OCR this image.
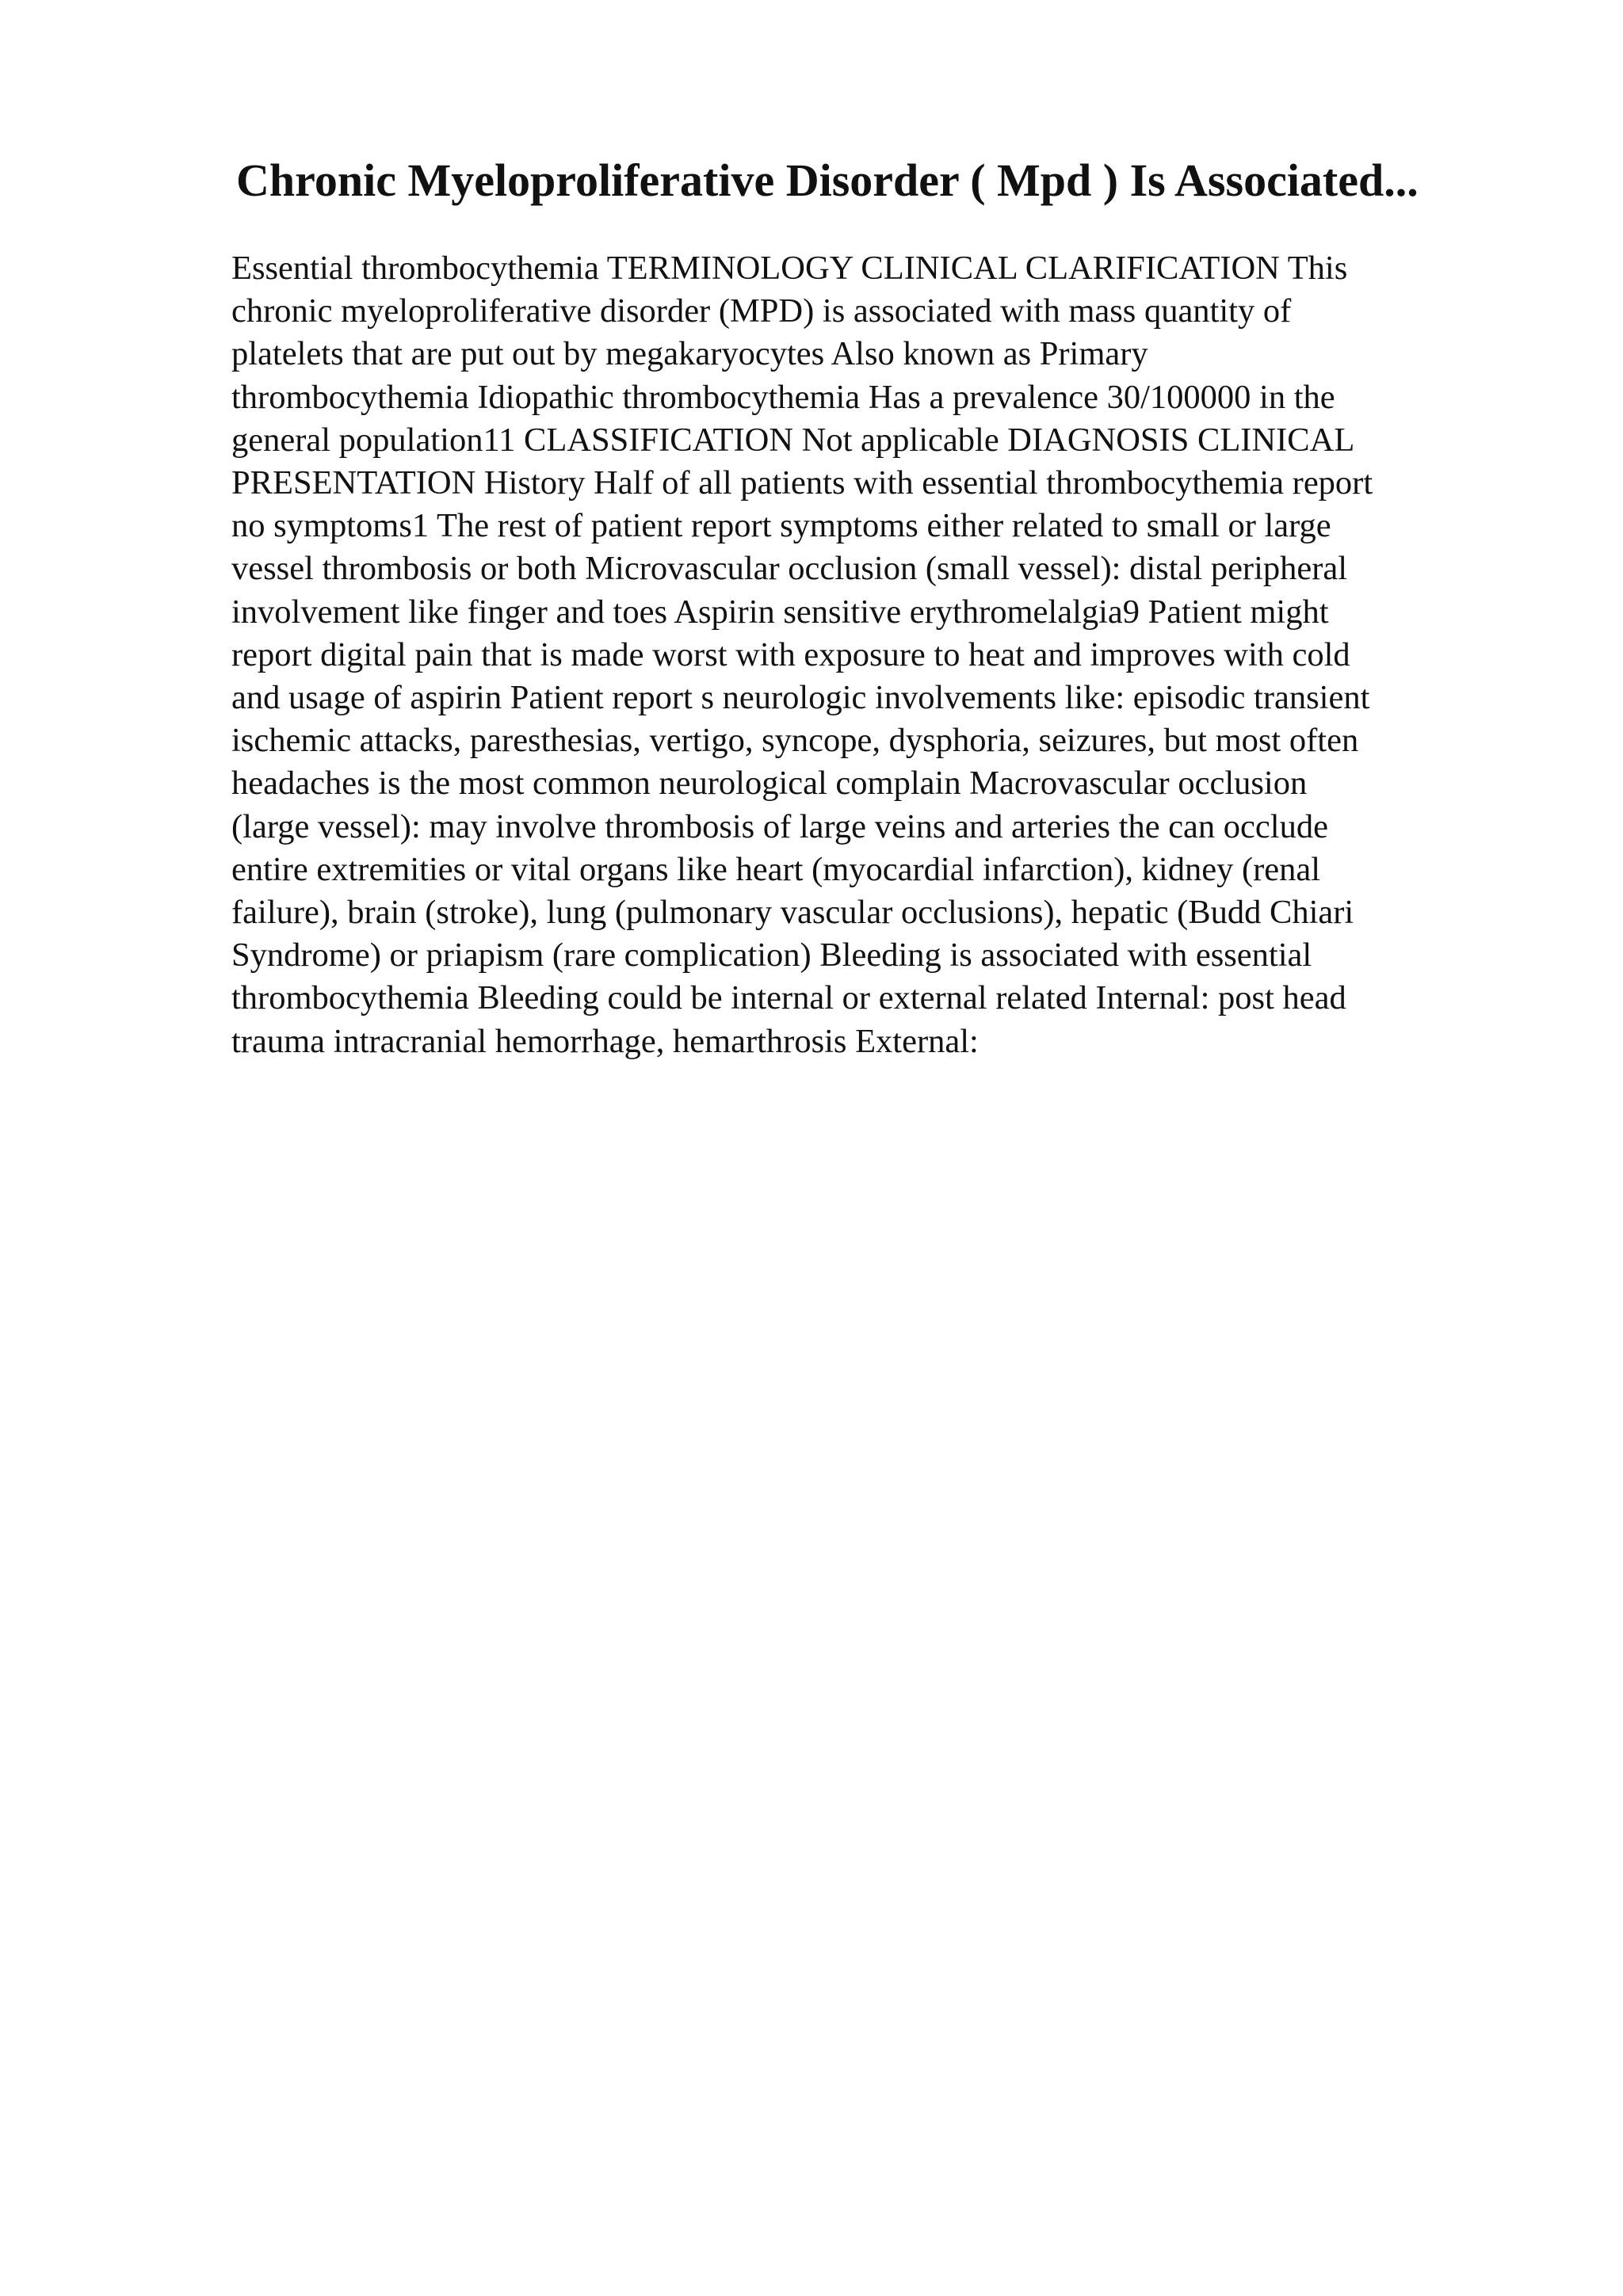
Chronic Myeloproliferative Disorder ( Mpd ) Is Associated...
Essential thrombocythemia TERMINOLOGY CLINICAL CLARIFICATION This
chronic myeloproliferative disorder (MPD) is associated with mass quantity of
platelets that are put out by megakaryocytes Also known as Primary
thrombocythemia Idiopathic thrombocythemia Has a prevalence 30/100000 in the
general population11 CLASSIFICATION Not applicable DIAGNOSIS CLINICAL
PRESENTATION History Half of all patients with essential thrombocythemia report
no symptoms1 The rest of patient report symptoms either related to small or large
vessel thrombosis or both Microvascular occlusion (small vessel): distal peripheral
involvement like finger and toes Aspirin sensitive erythromelalgia9 Patient might
report digital pain that is made worst with exposure to heat and improves with cold
and usage of aspirin Patient report s neurologic involvements like: episodic transient
ischemic attacks, paresthesias, vertigo, syncope, dysphoria, seizures, but most often
headaches is the most common neurological complain Macrovascular occlusion
(large vessel): may involve thrombosis of large veins and arteries the can occlude
entire extremities or vital organs like heart (myocardial infarction), kidney (renal
failure), brain (stroke), lung (pulmonary vascular occlusions), hepatic (Budd Chiari
Syndrome) or priapism (rare complication) Bleeding is associated with essential
thrombocythemia Bleeding could be internal or external related Internal: post head
trauma intracranial hemorrhage, hemarthrosis External:
